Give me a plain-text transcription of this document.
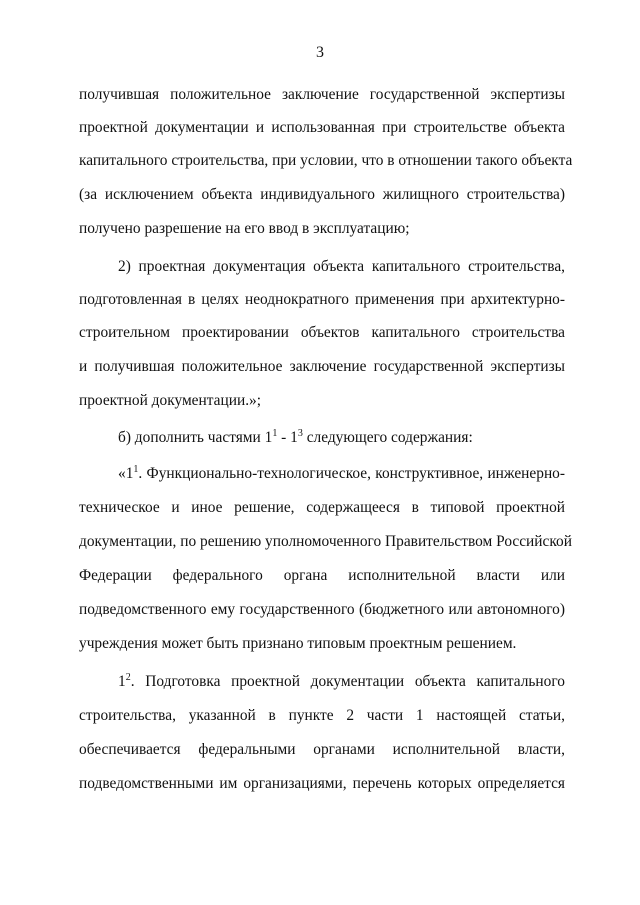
3
получившая положительное заключение государственной экспертизы
проектной документации и использованная при строительстве объекта
капитального строительства, при условии, что в отношении такого объекта
(за исключением объекта индивидуального жилищного строительства)
получено разрешение на его ввод в эксплуатацию;
2) проектная документация объекта капитального строительства,
подготовленная в целях неоднократного применения при архитектурно-
строительном проектировании объектов капитального строительства
и получившая положительное заключение государственной экспертизы
проектной документации.»;
б) дополнить частями $1^1 - 1^3$ следующего содержания:
«$1^1$. Функционально-технологическое, конструктивное, инженерно-
техническое и иное решение, содержащееся в типовой проектной
документации, по решению уполномоченного Правительством Российской
Федерации федерального органа исполнительной власти или
подведомственного ему государственного (бюджетного или автономного)
учреждения может быть признано типовым проектным решением.
$1^2$. Подготовка проектной документации объекта капитального
строительства, указанной в пункте 2 части 1 настоящей статьи,
обеспечивается федеральными органами исполнительной власти,
подведомственными им организациями, перечень которых определяется
